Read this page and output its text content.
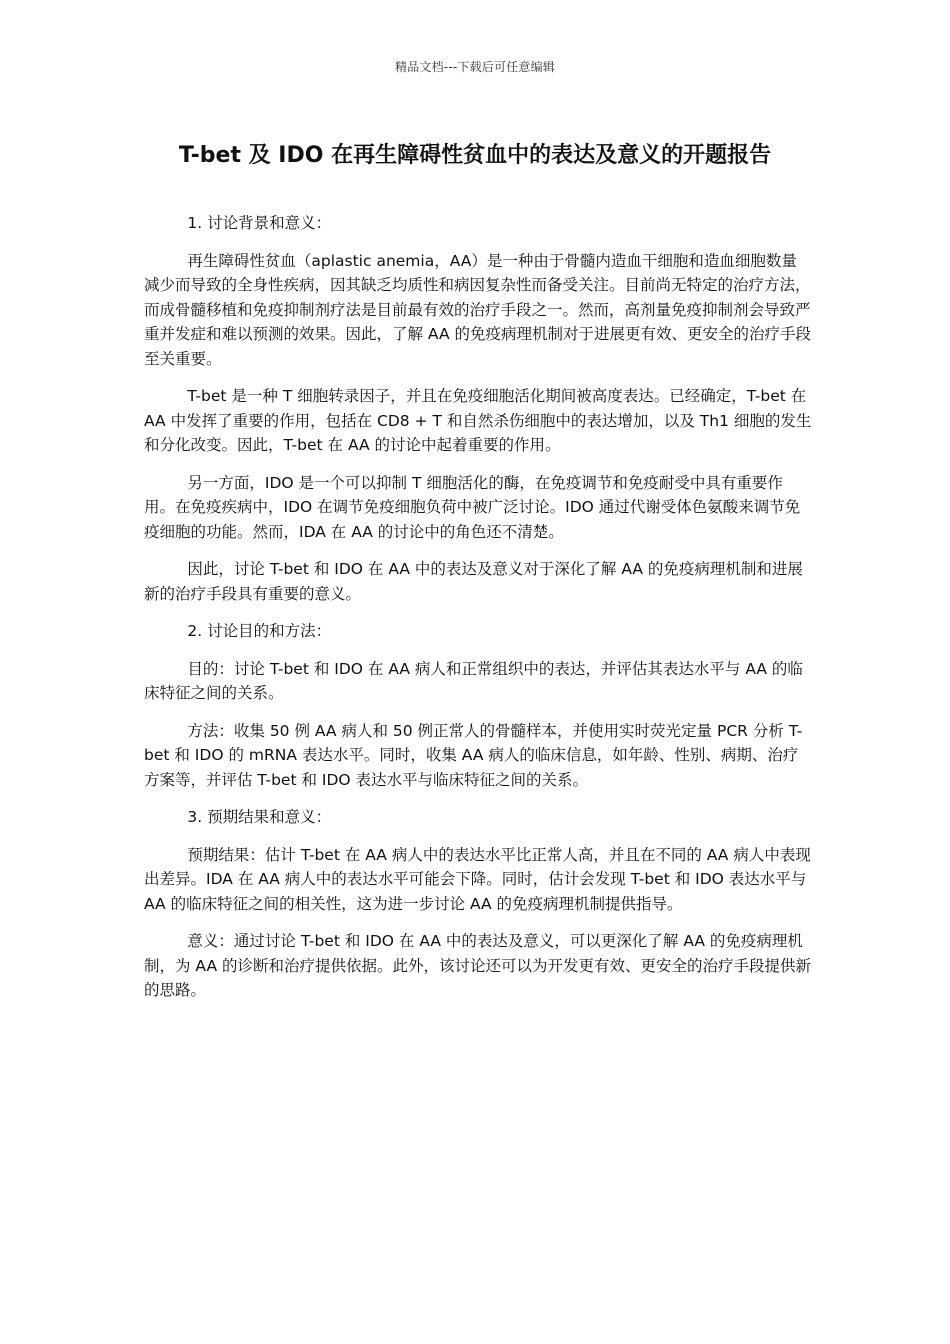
精品文档---下载后可任意编辑
T-bet 及 IDO 在再生障碍性贫血中的表达及意义的开题报告

1. 讨论背景和意义：

再生障碍性贫血（aplastic anemia，AA）是一种由于骨髓内造血干细胞和造血细胞数量减少而导致的全身性疾病，因其缺乏均质性和病因复杂性而备受关注。目前尚无特定的治疗方法，而成骨髓移植和免疫抑制剂疗法是目前最有效的治疗手段之一。然而，高剂量免疫抑制剂会导致严重并发症和难以预测的效果。因此，了解 AA 的免疫病理机制对于进展更有效、更安全的治疗手段至关重要。

T-bet 是一种 T 细胞转录因子，并且在免疫细胞活化期间被高度表达。已经确定，T-bet 在 AA 中发挥了重要的作用，包括在 CD8 + T 和自然杀伤细胞中的表达增加，以及 Th1 细胞的发生和分化改变。因此，T-bet 在 AA 的讨论中起着重要的作用。

另一方面，IDO 是一个可以抑制 T 细胞活化的酶，在免疫调节和免疫耐受中具有重要作用。在免疫疾病中，IDO 在调节免疫细胞负荷中被广泛讨论。IDO 通过代谢受体色氨酸来调节免疫细胞的功能。然而，IDA 在 AA 的讨论中的角色还不清楚。

因此，讨论 T-bet 和 IDO 在 AA 中的表达及意义对于深化了解 AA 的免疫病理机制和进展新的治疗手段具有重要的意义。

2. 讨论目的和方法：

目的：讨论 T-bet 和 IDO 在 AA 病人和正常组织中的表达，并评估其表达水平与 AA 的临床特征之间的关系。

方法：收集 50 例 AA 病人和 50 例正常人的骨髓样本，并使用实时荧光定量 PCR 分析 T-bet 和 IDO 的 mRNA 表达水平。同时，收集 AA 病人的临床信息，如年龄、性别、病期、治疗方案等，并评估 T-bet 和 IDO 表达水平与临床特征之间的关系。

3. 预期结果和意义：

预期结果：估计 T-bet 在 AA 病人中的表达水平比正常人高，并且在不同的 AA 病人中表现出差异。IDA 在 AA 病人中的表达水平可能会下降。同时，估计会发现 T-bet 和 IDO 表达水平与 AA 的临床特征之间的相关性，这为进一步讨论 AA 的免疫病理机制提供指导。

意义：通过讨论 T-bet 和 IDO 在 AA 中的表达及意义，可以更深化了解 AA 的免疫病理机制，为 AA 的诊断和治疗提供依据。此外，该讨论还可以为开发更有效、更安全的治疗手段提供新的思路。
